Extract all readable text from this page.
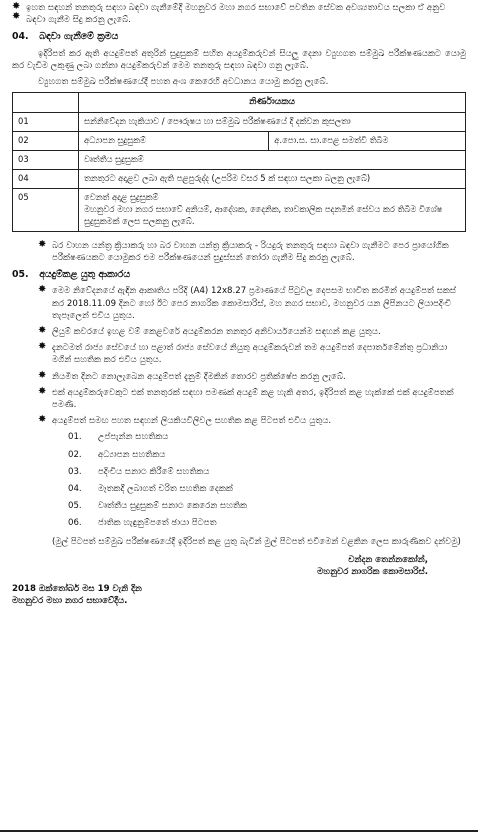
✸ ✸
ඉහත සඳහන් තනතුරු සඳහා බඳවා ගැනීමේදී මහනුවර මහා නගර සභාවේ පවතින සේවක අවශ්‍යතාවය සලකා ඒ අනුව බඳවා ගැනීම සිදු කරනු ලැබේ.
04. බඳවා ගැනීමේ ක්‍රමය

ඉදිරිපත් කර ඇති අයදුම්පත් අතුරින් සුදුසුකම් සහිත අයදුම්කරුවන් සියලු දෙනා ව්‍යුහගත සම්මුඛ පරීක්ෂණයකට යොමු කර වැඩිම ලකුණු ලබා ගන්නා අයදුම්කරුවන් මෙම තනතුරු සඳහා බඳවා ගනු ලැබේ.

ව්‍යුහගත සම්මුඛ පරීක්ෂණයේදී පහත අංශ කෙරෙහි අවධානය යොමු කරනු ලැබේ.

	නිර්ණායකය	
01	සන්නිවේදන හැකියාව / පෞරුෂය හා සම්මුඛ පරීක්ෂණයේ දී දක්වන කුසලතා	
02	අධ්‍යාපන සුදුසුකම්	අ.පො.ස. සා.පෙළ සමත්වී තිබීම
03	වෘත්තීය සුදුසුකම්	
04	තනතුරට අදාළව ලබා ඇති පළපුරුද්ද (උපරිම වසර 5 ක් සඳහා සලකා බලනු ලැබේ)	
05	වෙනත් අදාළ සුදුසුකම්
මහනුවර මහා නගර සභාවේ අනියම්, ආදේශක, දෛනික, තාවකාලික පදනමින් සේවය කර තිබීම විශේෂ සුදුසුකමක් ලෙස සලකනු ලැබේ.	
✸ බර වාහන යන්ත්‍ර ක්‍රියාකරු හා බර වාහන යන්ත්‍ර ක්‍රියාකරු - රියදුරු තනතුරු සඳහා බඳවා ගැනීමට පෙර ප්‍රායෝගික පරීක්ෂණයකට යොමුකර එම පරීක්ෂණයෙන් සුදුස්සන් තෝරා ගැනීම සිදු කරනු ලැබේ.
05. අයදුම්කළ යුතු ආකාරය
✸ මෙම නිවේදනයේ ඇඳින ආකෘතිය පරිදි (A4) 12x8.27 ප්‍රමාණයේ පිටුවල දෙපසම භාවිත කරමින් අයදුම්පත් සකස් කර 2018.11.09 දිනට හෝ ඊට පෙර නාගරික කොමසාරිස්, මහ නගර සභාව, මහනුවර යන ලිපිනයට ලියාපදිංචි තැපෑලෙන් එවිය යුතුය.
✸ ලියුම් කවරයේ ඉහළ වම් කෙළවරේ අයදුම්කරන තනතුර අනිවාර්යයෙන්ම සඳහන් කළ යුතුය.
✸ දැනටමත් රාජ්‍ය සේවයේ හා පළාත් රාජ්‍ය සේවයේ නියුතු අයදුම්කරුවන් තම අයදුම්පත් දෙපාර්තමේන්තු ප්‍රධානියා මගින් සහතික කර එවිය යුතුය.
✸ නියමිත දිනට නොලැබෙන අයදුම්පත් දැනුම් දීමකින් තොරව ප්‍රතික්ෂේප කරනු ලැබේ.
✸ එක් අයදුම්කරුවෙකුට එක් තනතුරක් සඳහා පමණක් අයදුම් කළ හැකි අතර, ඉදිරිපත් කළ හැක්කේ එක් අයදුම්පතක් පමණි.
✸ අයදුම්පත් සමඟ පහත සඳහන් ලියකියවිලිවල සහතික කළ පිටපත් එවිය යුතුය.
01.	උප්පැන්න සහතිකය
02.	අධ්‍යාපන සහතිකය
03.	පදිංචිය සනාථ කිරීමේ සහතිකය
04.	මෑතකදී ලබාගත් චරිත සහතික දෙකක්
05.	වෘත්තීය සුදුසුකම් සනාථ කෙරෙන සහතික
06.	ජාතික හැඳුනුම්පතේ ඡායා පිටපත

(මුල් පිටපත් සම්මුඛ පරීක්ෂණයේදී ඉදිරිපත් කළ යුතු බැවින් මුල් පිටපත් එවීමෙන් වළකින ලෙස කාරුණිකව දන්වමු)

චන්දන තෙන්නකෝන්,
මහනුවර නාගරික කොමසාරිස්.
2018 ඔක්තෝබර් මස 19 වැනි දින
මහනුවර මහා නගර සභාවේදීය.
